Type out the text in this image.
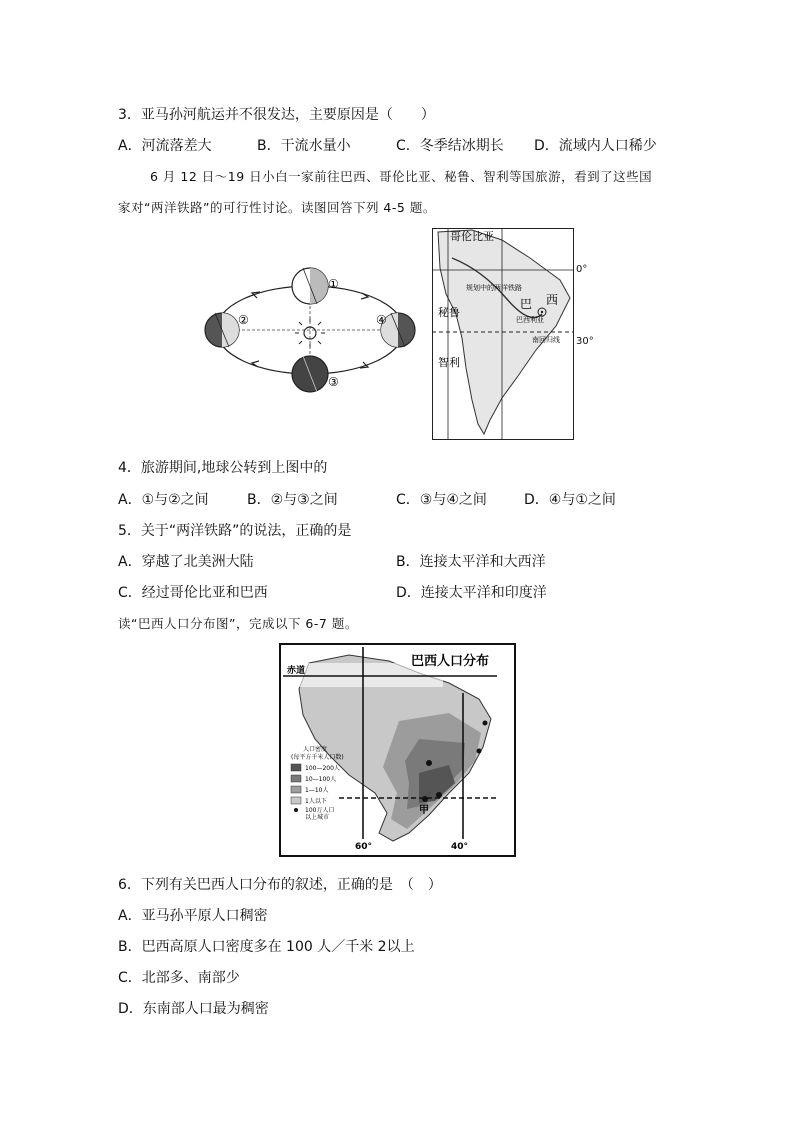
3．亚马孙河航运并不很发达，主要原因是（　　）
A．河流落差大	B．干流水量小	C．冬季结冰期长 D．流域内人口稀少
6 月 12 日～19 日小白一家前往巴西、哥伦比亚、秘鲁、智利等国旅游，看到了这些国
家对“两洋铁路”的可行性讨论。读图回答下列 4-5 题。
①
②
③
④
哥伦比亚
秘鲁
巴 西
智利
规划中的两洋铁路
巴西利亚
南回归线
0°
30°
4．旅游期间,地球公转到上图中的
A．①与②之间	B．②与③之间	C．③与④之间	D．④与①之间
5．关于“两洋铁路”的说法，正确的是
A．穿越了北美洲大陆	B．连接太平洋和大西洋
C．经过哥伦比亚和巴西	D．连接太平洋和印度洋
读“巴西人口分布图”，完成以下 6-7 题。
巴西人口分布
赤道
甲
60°	40°
人口密度
(每平方千米人口数)
100—200人
10—100人
1—10人
1人以下
100万人口
以上城市
6．下列有关巴西人口分布的叙述，正确的是　（　）
A．亚马孙平原人口稠密
B．巴西高原人口密度多在 100 人／千米 2以上
C．北部多、南部少
D．东南部人口最为稠密
